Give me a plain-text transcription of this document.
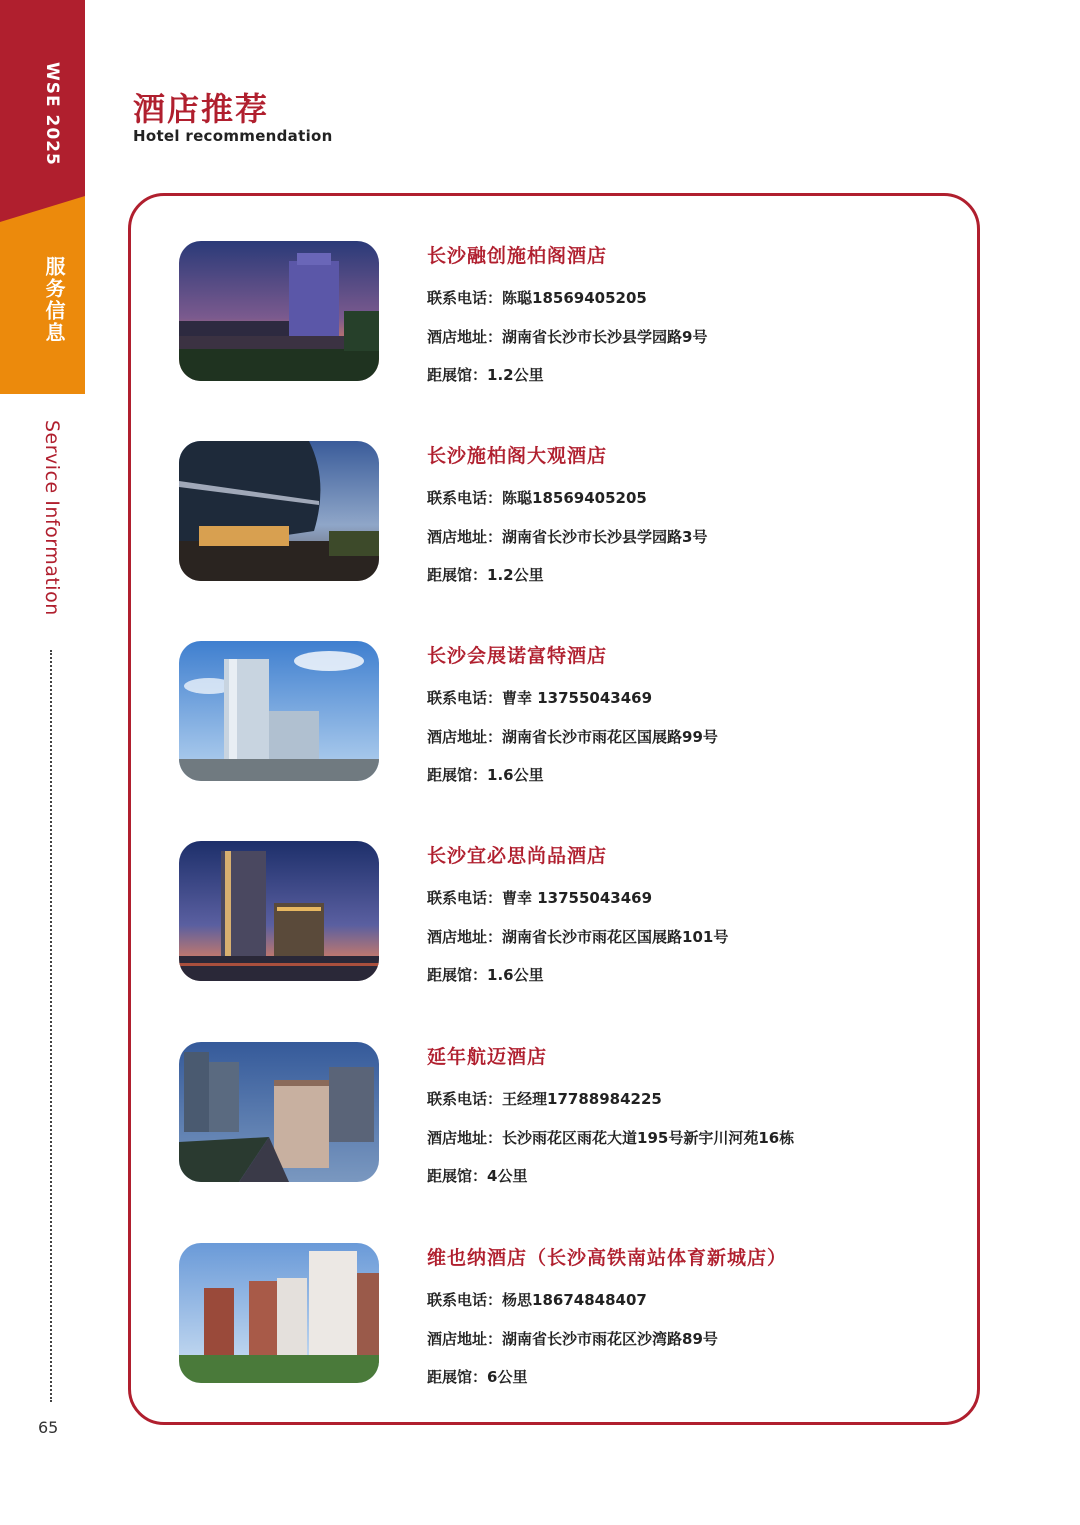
WSE 2025
服务信息
Service Information
65
酒店推荐
Hotel recommendation
长沙融创施柏阁酒店
联系电话：陈聪18569405205
酒店地址：湖南省长沙市长沙县学园路9号
距展馆：1.2公里
长沙施柏阁大观酒店
联系电话：陈聪18569405205
酒店地址：湖南省长沙市长沙县学园路3号
距展馆：1.2公里
长沙会展诺富特酒店
联系电话：曹幸 13755043469
酒店地址：湖南省长沙市雨花区国展路99号
距展馆：1.6公里
长沙宜必思尚品酒店
联系电话：曹幸 13755043469
酒店地址：湖南省长沙市雨花区国展路101号
距展馆：1.6公里
延年航迈酒店
联系电话：王经理17788984225
酒店地址：长沙雨花区雨花大道195号新宇川河苑16栋
距展馆：4公里
维也纳酒店（长沙高铁南站体育新城店）
联系电话：杨思18674848407
酒店地址：湖南省长沙市雨花区沙湾路89号
距展馆：6公里
